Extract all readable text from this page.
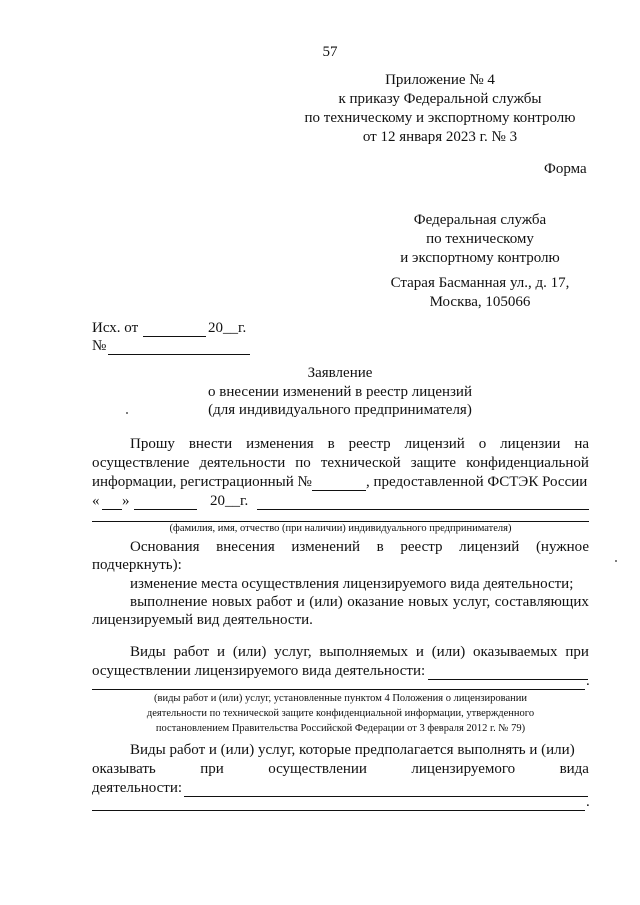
57
Приложение № 4
к приказу Федеральной службы
по техническому и экспортному контролю
от 12 января 2023 г. № 3
Форма
Федеральная служба
по техническому
и экспортному контролю
Старая Басманная ул., д. 17,
Москва, 105066
Исх. от	20__г.
№
Заявление
о внесении изменений в реестр лицензий
(для индивидуального предпринимателя)
Прошу внести изменения в реестр лицензий о лицензии на
осуществление деятельности по технической защите конфиденциальной
информации, регистрационный №	, предоставленной ФСТЭК России
« »	20__г.
(фамилия, имя, отчество (при наличии) индивидуального предпринимателя)
Основания внесения изменений в реестр лицензий (нужное
подчеркнуть):
изменение места осуществления лицензируемого вида деятельности;
выполнение новых работ и (или) оказание новых услуг, составляющих
лицензируемый вид деятельности.
Виды работ и (или) услуг, выполняемых и (или) оказываемых при
осуществлении лицензируемого вида деятельности:
.
(виды работ и (или) услуг, установленные пунктом 4 Положения о лицензировании
деятельности по технической защите конфиденциальной информации, утвержденного
постановлением Правительства Российской Федерации от 3 февраля 2012 г. № 79)
Виды работ и (или) услуг, которые предполагается выполнять и (или)
оказывать	при	осуществлении	лицензируемого	вида
деятельности:
.
